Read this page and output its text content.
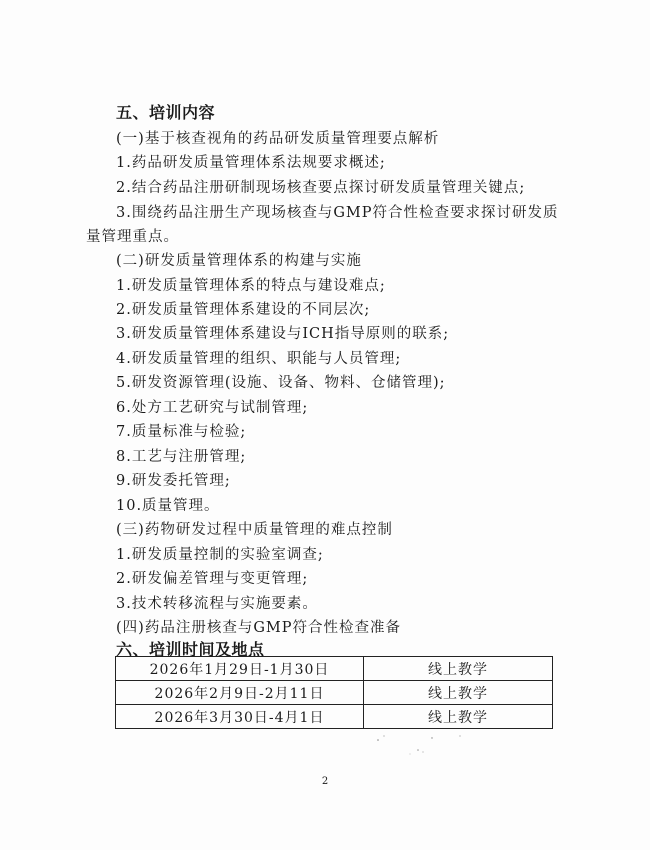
五、培训内容
(一)基于核查视角的药品研发质量管理要点解析
1.药品研发质量管理体系法规要求概述;
2.结合药品注册研制现场核查要点探讨研发质量管理关键点;
3.围绕药品注册生产现场核查与GMP符合性检查要求探讨研发质
量管理重点。
(二)研发质量管理体系的构建与实施
1.研发质量管理体系的特点与建设难点;
2.研发质量管理体系建设的不同层次;
3.研发质量管理体系建设与ICH指导原则的联系;
4.研发质量管理的组织、职能与人员管理;
5.研发资源管理(设施、设备、物料、仓储管理);
6.处方工艺研究与试制管理;
7.质量标准与检验;
8.工艺与注册管理;
9.研发委托管理;
10.质量管理。
(三)药物研发过程中质量管理的难点控制
1.研发质量控制的实验室调查;
2.研发偏差管理与变更管理;
3.技术转移流程与实施要素。
(四)药品注册核查与GMP符合性检查准备
六、培训时间及地点
2026年1月29日-1月30日	线上教学
2026年2月9日-2月11日	线上教学
2026年3月30日-4月1日	线上教学
2
